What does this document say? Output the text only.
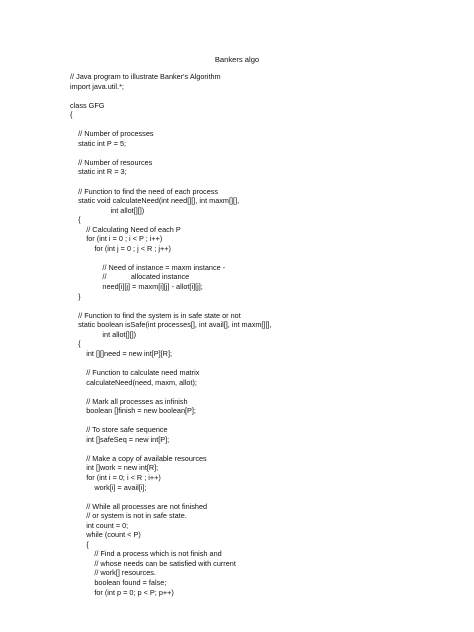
Bankers algo
// Java program to illustrate Banker's Algorithm
import java.util.*;
class GFG
{
// Number of processes
static int P = 5;
// Number of resources
static int R = 3;
// Function to find the need of each process
static void calculateNeed(int need[][], int maxm[][],
int allot[][])
{
// Calculating Need of each P
for (int i = 0 ; i < P ; i++)
for (int j = 0 ; j < R ; j++)
// Need of instance = maxm instance -
//            allocated instance
need[i][j] = maxm[i][j] - allot[i][j];
}
// Function to find the system is in safe state or not
static boolean isSafe(int processes[], int avail[], int maxm[][],
int allot[][])
{
int [][]need = new int[P][R];
// Function to calculate need matrix
calculateNeed(need, maxm, allot);
// Mark all processes as infinish
boolean []finish = new boolean[P];
// To store safe sequence
int []safeSeq = new int[P];
// Make a copy of available resources
int []work = new int[R];
for (int i = 0; i < R ; i++)
work[i] = avail[i];
// While all processes are not finished
// or system is not in safe state.
int count = 0;
while (count < P)
{
// Find a process which is not finish and
// whose needs can be satisfied with current
// work[] resources.
boolean found = false;
for (int p = 0; p < P; p++)
